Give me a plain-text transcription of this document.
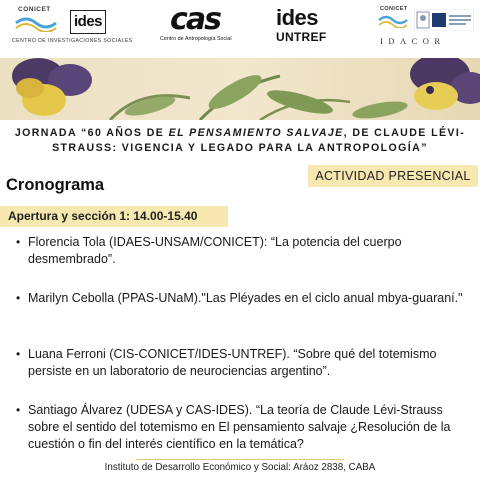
CONICET
ides
CENTRO DE INVESTIGACIONES SOCIALES
cas
Centro de Antropología Social
ides
UNTREF
CONICET
IDACOR
JORNADA “60 AÑOS DE EL PENSAMIENTO SALVAJE, DE CLAUDE LÉVI-STRAUSS: VIGENCIA Y LEGADO PARA LA ANTROPOLOGÍA”
Cronograma	ACTIVIDAD PRESENCIAL
Apertura y sección 1: 14.00-15.40
• Florencia Tola (IDAES-UNSAM/CONICET): “La potencia del cuerpo desmembrado”.
• Marilyn Cebolla (PPAS-UNaM)."Las Pléyades en el ciclo anual mbya-guaraní."
• Luana Ferroni (CIS-CONICET/IDES-UNTREF). “Sobre qué del totemismo persiste en un laboratorio de neurociencias argentino”.
• Santiago Álvarez (UDESA y CAS-IDES). “La teoría de Claude Lévi-Strauss sobre el sentido del totemismo en El pensamiento salvaje ¿Resolución de la cuestión o fin del interés científico en la temática?
Instituto de Desarrollo Económico y Social: Aráoz 2838, CABA
